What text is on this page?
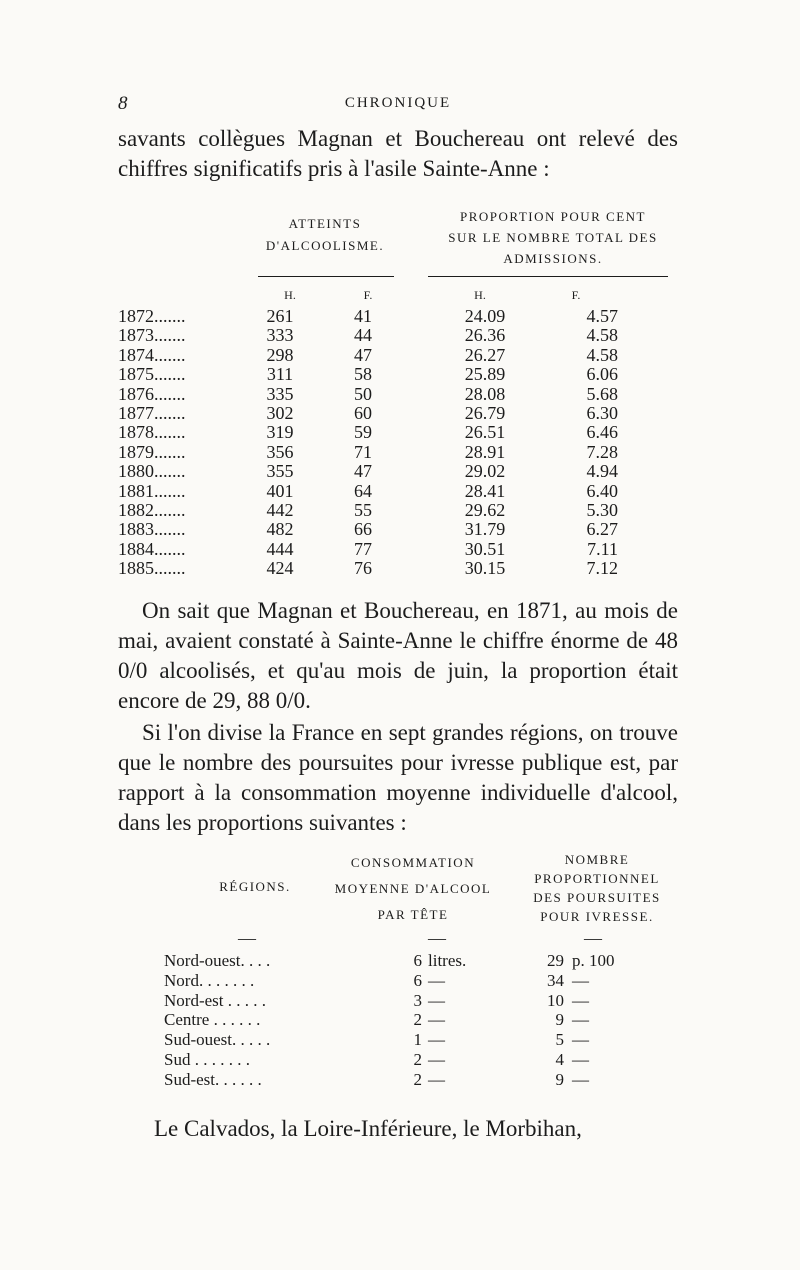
8	CHRONIQUE

savants collègues Magnan et Bouchereau ont relevé des chiffres significatifs pris à l'asile Sainte-Anne :

ATTEINTS
D'ALCOOLISME.
PROPORTION POUR CENT
SUR LE NOMBRE TOTAL DES
ADMISSIONS.
H.	F.	H.	F.
1872.......	261	41	24.09	4.57
1873.......	333	44	26.36	4.58
1874.......	298	47	26.27	4.58
1875.......	311	58	25.89	6.06
1876.......	335	50	28.08	5.68
1877.......	302	60	26.79	6.30
1878.......	319	59	26.51	6.46
1879.......	356	71	28.91	7.28
1880.......	355	47	29.02	4.94
1881.......	401	64	28.41	6.40
1882.......	442	55	29.62	5.30
1883.......	482	66	31.79	6.27
1884.......	444	77	30.51	7.11
1885.......	424	76	30.15	7.12

On sait que Magnan et Bouchereau, en 1871, au mois de mai, avaient constaté à Sainte-Anne le chiffre énorme de 48 0/0 alcoolisés, et qu'au mois de juin, la proportion était encore de 29, 88 0/0.

Si l'on divise la France en sept grandes régions, on trouve que le nombre des poursuites pour ivresse publique est, par rapport à la consommation moyenne individuelle d'alcool, dans les proportions suivantes :

RÉGIONS.
CONSOMMATION
MOYENNE D'ALCOOL
PAR TÊTE
NOMBRE
PROPORTIONNEL
DES POURSUITES
POUR IVRESSE.
—	—	—
Nord-ouest. . . .	6 litres.	29 p. 100
Nord. . . . . . .	6 —	34 —
Nord-est . . . . .	3 —	10 —
Centre . . . . . .	2 —	9 —
Sud-ouest. . . . .	1 —	5 —
Sud . . . . . . .	2 —	4 —
Sud-est. . . . . .	2 —	9 —

Le Calvados, la Loire-Inférieure, le Morbihan,
